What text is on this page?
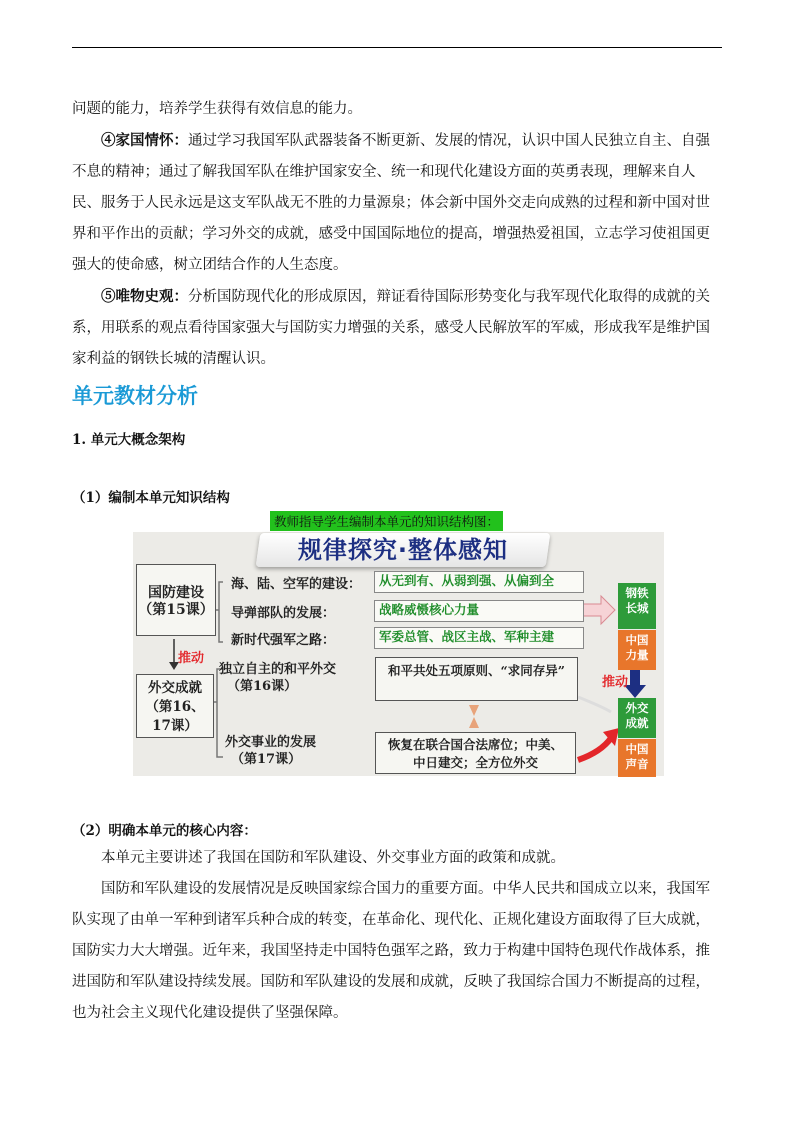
问题的能力，培养学生获得有效信息的能力。

④家国情怀：通过学习我国军队武器装备不断更新、发展的情况，认识中国人民独立自主、自强不息的精神；通过了解我国军队在维护国家安全、统一和现代化建设方面的英勇表现，理解来自人民、服务于人民永远是这支军队战无不胜的力量源泉；体会新中国外交走向成熟的过程和新中国对世界和平作出的贡献；学习外交的成就，感受中国国际地位的提高，增强热爱祖国，立志学习使祖国更强大的使命感，树立团结合作的人生态度。

⑤唯物史观：分析国防现代化的形成原因，辩证看待国际形势变化与我军现代化取得的成就的关系，用联系的观点看待国家强大与国防实力增强的关系，感受人民解放军的军威，形成我军是维护国家利益的钢铁长城的清醒认识。

单元教材分析

1. 单元大概念架构

（1）编制本单元知识结构

教师指导学生编制本单元的知识结构图：
规律探究·整体感知
国防建设
（第15课）
推动
外交成就
（第16、
17课）
海、陆、空军的建设：
导弹部队的发展：
新时代强军之路：
从无到有、从弱到强、从偏到全
战略威慑核心力量
军委总管、战区主战、军种主建
独立自主的和平外交
（第16课）
外交事业的发展
（第17课）
和平共处五项原则、“求同存异”
恢复在联合国合法席位；中美、
中日建交；全方位外交
推动
钢铁
长城
中国
力量
外交
成就
中国
声音

（2）明确本单元的核心内容：

本单元主要讲述了我国在国防和军队建设、外交事业方面的政策和成就。

国防和军队建设的发展情况是反映国家综合国力的重要方面。中华人民共和国成立以来，我国军队实现了由单一军种到诸军兵种合成的转变，在革命化、现代化、正规化建设方面取得了巨大成就，国防实力大大增强。近年来，我国坚持走中国特色强军之路，致力于构建中国特色现代作战体系，推进国防和军队建设持续发展。国防和军队建设的发展和成就，反映了我国综合国力不断提高的过程，也为社会主义现代化建设提供了坚强保障。
